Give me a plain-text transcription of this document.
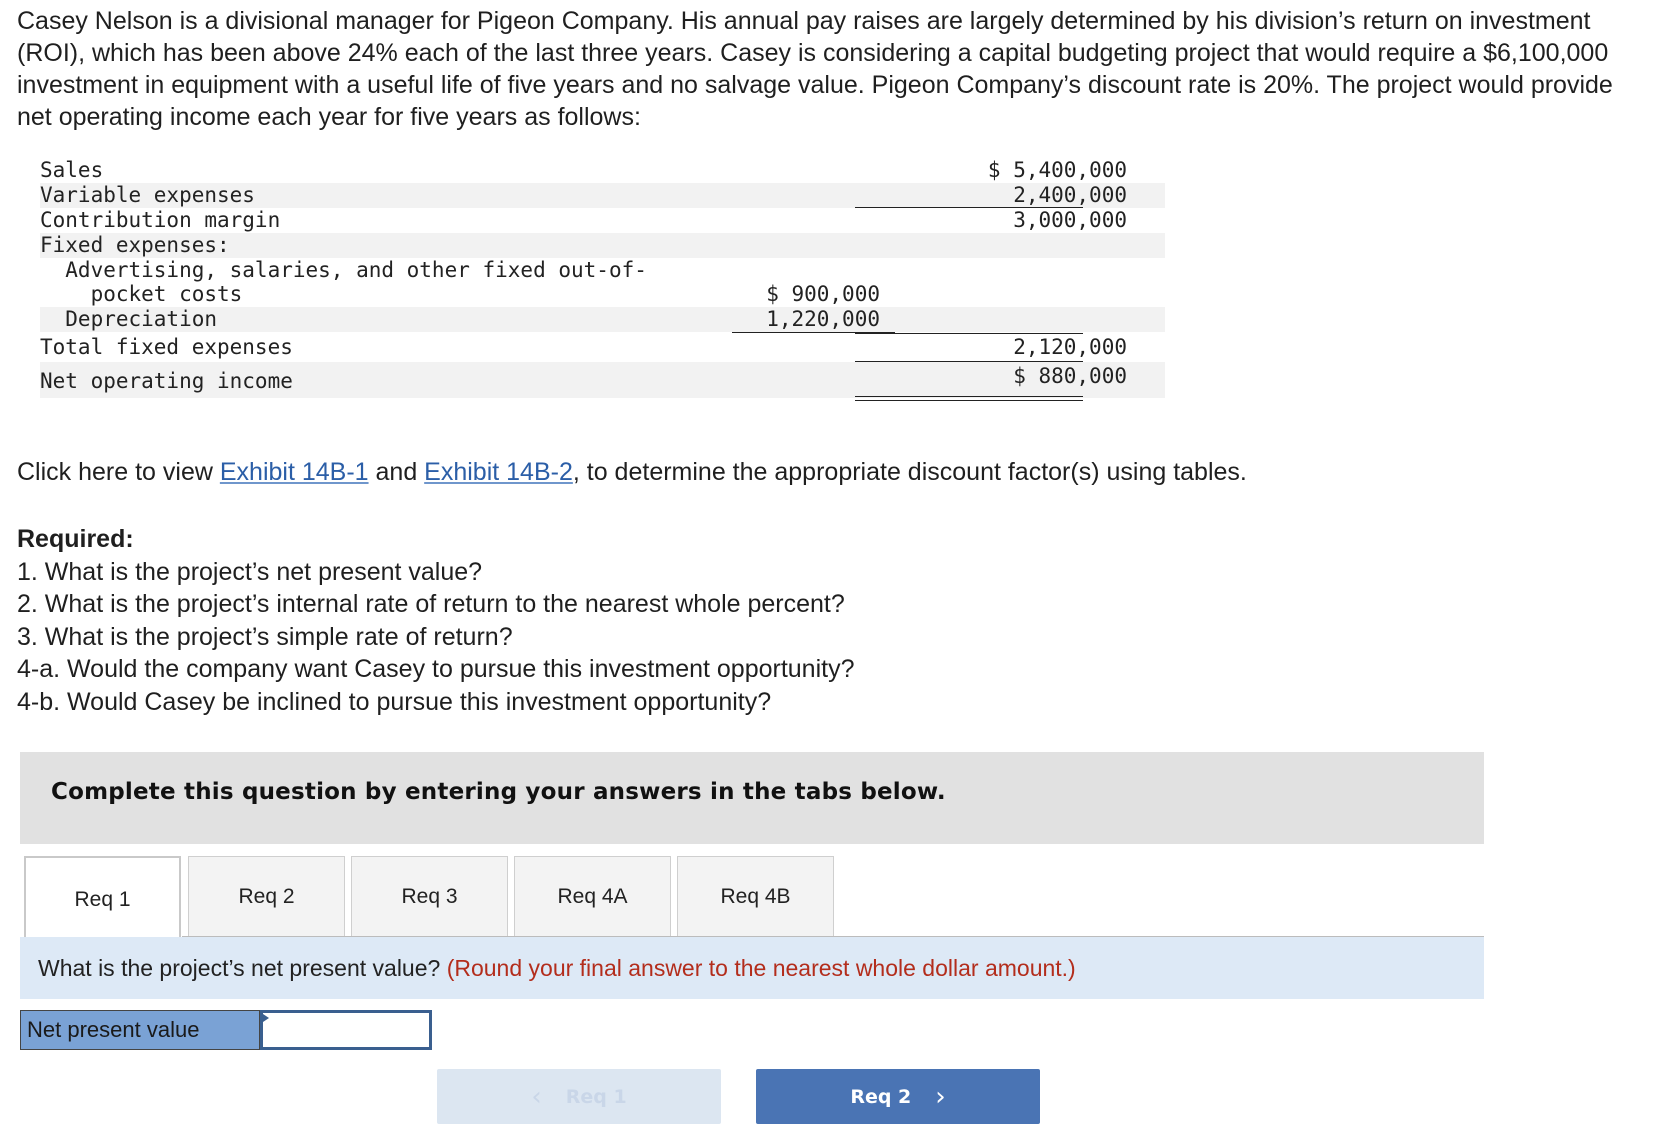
Casey Nelson is a divisional manager for Pigeon Company. His annual pay raises are largely determined by his division’s return on investment (ROI), which has been above 24% each of the last three years. Casey is considering a capital budgeting project that would require a $6,100,000 investment in equipment with a useful life of five years and no salvage value. Pigeon Company’s discount rate is 20%. The project would provide net operating income each year for five years as follows:

Sales	$ 5,400,000
Variable expenses	2,400,000
Contribution margin	3,000,000
Fixed expenses:
Advertising, salaries, and other fixed out-of-
pocket costs	$ 900,000
Depreciation	1,220,000
Total fixed expenses	2,120,000
Net operating income	$ 880,000
Click here to view Exhibit 14B-1 and Exhibit 14B-2, to determine the appropriate discount factor(s) using tables.
Required:
1. What is the project’s net present value?
2. What is the project’s internal rate of return to the nearest whole percent?
3. What is the project’s simple rate of return?
4-a. Would the company want Casey to pursue this investment opportunity?
4-b. Would Casey be inclined to pursue this investment opportunity?
Complete this question by entering your answers in the tabs below.
Req 1	Req 2	Req 3	Req 4A	Req 4B
What is the project’s net present value? (Round your final answer to the nearest whole dollar amount.)
Net present value
‹ Req 1	Req 2 ›
